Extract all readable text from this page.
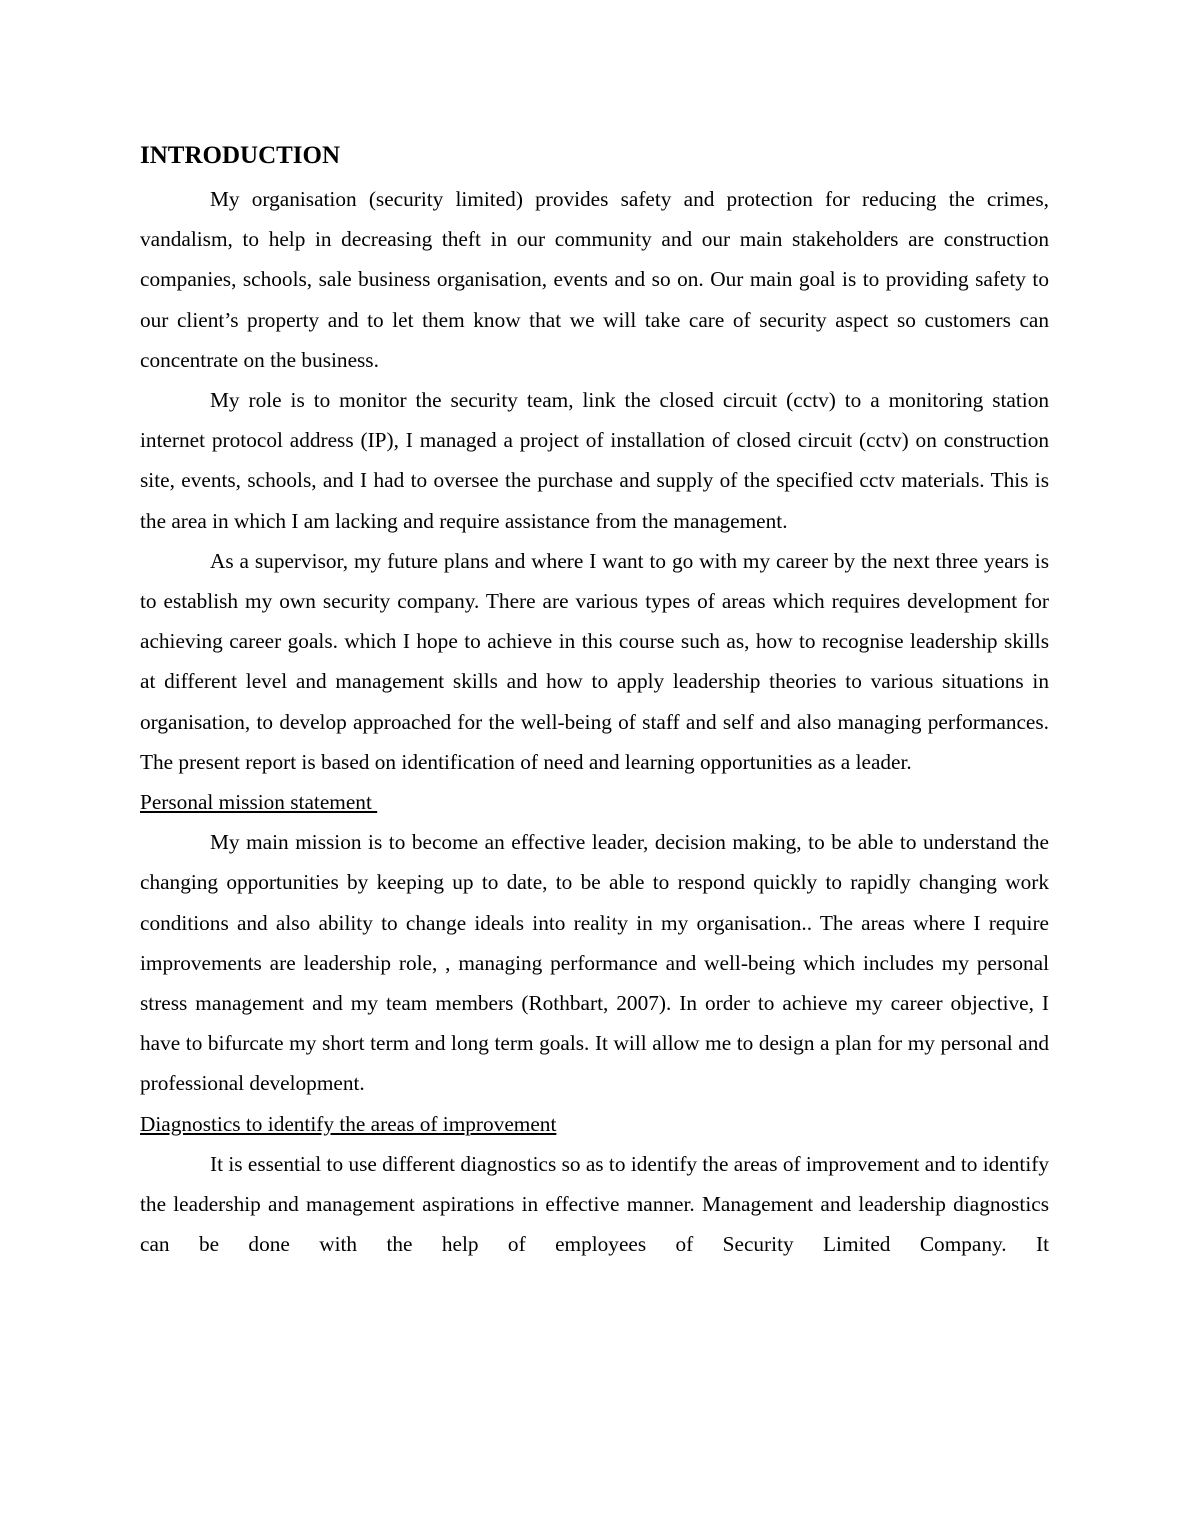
INTRODUCTION

My organisation (security limited) provides safety and protection for reducing the crimes, vandalism, to help in decreasing theft in our community and our main stakeholders are construction companies, schools, sale business organisation, events and so on. Our main goal is to providing safety to our client’s property and to let them know that we will take care of security aspect so customers can concentrate on the business.

My role is to monitor the security team, link the closed circuit (cctv) to a monitoring station internet protocol address (IP), I managed a project of installation of closed circuit (cctv) on construction site, events, schools, and I had to oversee the purchase and supply of the specified cctv materials. This is the area in which I am lacking and require assistance from the management.

As a supervisor, my future plans and where I want to go with my career by the next three years is to establish my own security company. There are various types of areas which requires development for achieving career goals. which I hope to achieve in this course such as, how to recognise leadership skills at different level and management skills and how to apply leadership theories to various situations in organisation, to develop approached for the well-being of staff and self and also managing performances. The present report is based on identification of need and learning opportunities as a leader.

Personal mission statement

My main mission is to become an effective leader, decision making, to be able to understand the changing opportunities by keeping up to date, to be able to respond quickly to rapidly changing work conditions and also ability to change ideals into reality in my organisation.. The areas where I require improvements are leadership role, , managing performance and well-being which includes my personal stress management and my team members (Rothbart, 2007). In order to achieve my career objective, I have to bifurcate my short term and long term goals. It will allow me to design a plan for my personal and professional development.

Diagnostics to identify the areas of improvement

It is essential to use different diagnostics so as to identify the areas of improvement and to identify the leadership and management aspirations in effective manner. Management and leadership diagnostics can be done with the help of employees of Security Limited Company. It
